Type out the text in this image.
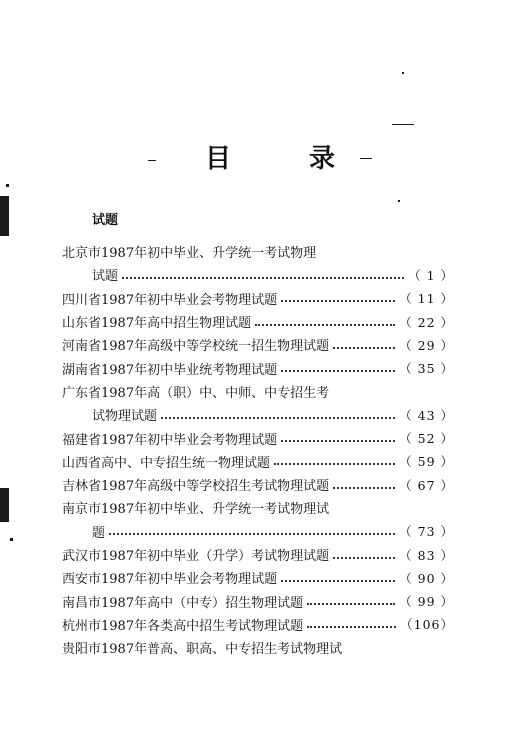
目　录
试题
北京市1987年初中毕业、升学统一考试物理
试题	（ 1 ）
四川省1987年初中毕业会考物理试题	（ 11 ）
山东省1987年高中招生物理试题	（ 22 ）
河南省1987年高级中等学校统一招生物理试题	（ 29 ）
湖南省1987年初中毕业统考物理试题	（ 35 ）
广东省1987年高（职）中、中师、中专招生考
试物理试题	（ 43 ）
福建省1987年初中毕业会考物理试题	（ 52 ）
山西省高中、中专招生统一物理试题	（ 59 ）
吉林省1987年高级中等学校招生考试物理试题	（ 67 ）
南京市1987年初中毕业、升学统一考试物理试
题	（ 73 ）
武汉市1987年初中毕业（升学）考试物理试题	（ 83 ）
西安市1987年初中毕业会考物理试题	（ 90 ）
南昌市1987年高中（中专）招生物理试题	（ 99 ）
杭州市1987年各类高中招生考试物理试题	（106）
贵阳市1987年普高、职高、中专招生考试物理试
